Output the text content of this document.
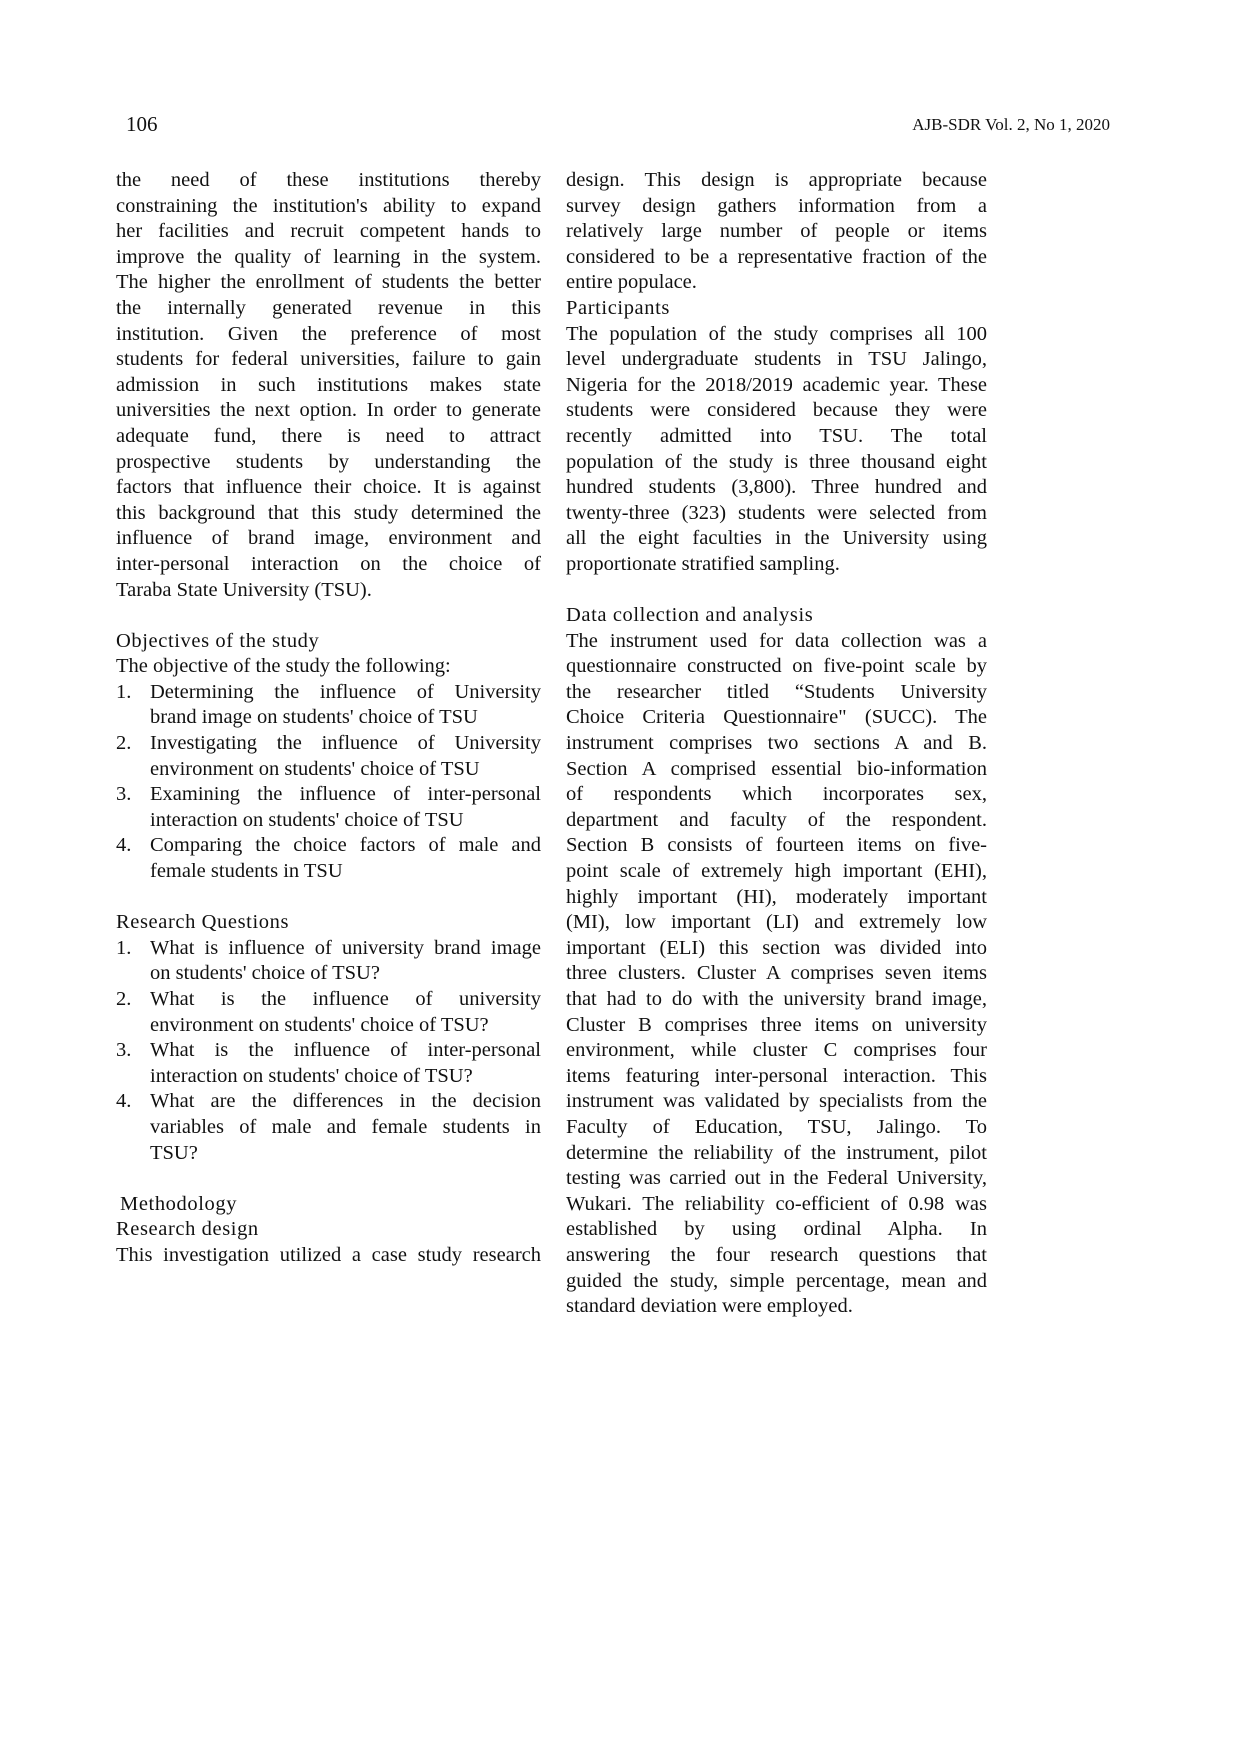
106	AJB-SDR Vol. 2, No 1, 2020
the need of these institutions thereby
constraining the institution's ability to expand
her facilities and recruit competent hands to
improve the quality of learning in the system.
The higher the enrollment of students the better
the internally generated revenue in this
institution. Given the preference of most
students for federal universities, failure to gain
admission in such institutions makes state
universities the next option. In order to generate
adequate fund, there is need to attract
prospective students by understanding the
factors that influence their choice. It is against
this background that this study determined the
influence of brand image, environment and
inter-personal interaction on the choice of
Taraba State University (TSU).
Objectives of the study
The objective of the study the following:
1. Determining the influence of University
brand image on students' choice of TSU
2. Investigating the influence of University
environment on students' choice of TSU
3. Examining the influence of inter-personal
interaction on students' choice of TSU
4. Comparing the choice factors of male and
female students in TSU
Research Questions
1. What is influence of university brand image
on students' choice of TSU?
2. What is the influence of university
environment on students' choice of TSU?
3. What is the influence of inter-personal
interaction on students' choice of TSU?
4. What are the differences in the decision
variables of male and female students in
TSU?
Methodology
Research design
This investigation utilized a case study research
design. This design is appropriate because
survey design gathers information from a
relatively large number of people or items
considered to be a representative fraction of the
entire populace.
Participants
The population of the study comprises all 100
level undergraduate students in TSU Jalingo,
Nigeria for the 2018/2019 academic year. These
students were considered because they were
recently admitted into TSU. The total
population of the study is three thousand eight
hundred students (3,800). Three hundred and
twenty-three (323) students were selected from
all the eight faculties in the University using
proportionate stratified sampling.
Data collection and analysis
The instrument used for data collection was a
questionnaire constructed on five-point scale by
the researcher titled “Students University
Choice Criteria Questionnaire" (SUCC). The
instrument comprises two sections A and B.
Section A comprised essential bio-information
of respondents which incorporates sex,
department and faculty of the respondent.
Section B consists of fourteen items on five-
point scale of extremely high important (EHI),
highly important (HI), moderately important
(MI), low important (LI) and extremely low
important (ELI) this section was divided into
three clusters. Cluster A comprises seven items
that had to do with the university brand image,
Cluster B comprises three items on university
environment, while cluster C comprises four
items featuring inter-personal interaction. This
instrument was validated by specialists from the
Faculty of Education, TSU, Jalingo. To
determine the reliability of the instrument, pilot
testing was carried out in the Federal University,
Wukari. The reliability co-efficient of 0.98 was
established by using ordinal Alpha. In
answering the four research questions that
guided the study, simple percentage, mean and
standard deviation were employed.
